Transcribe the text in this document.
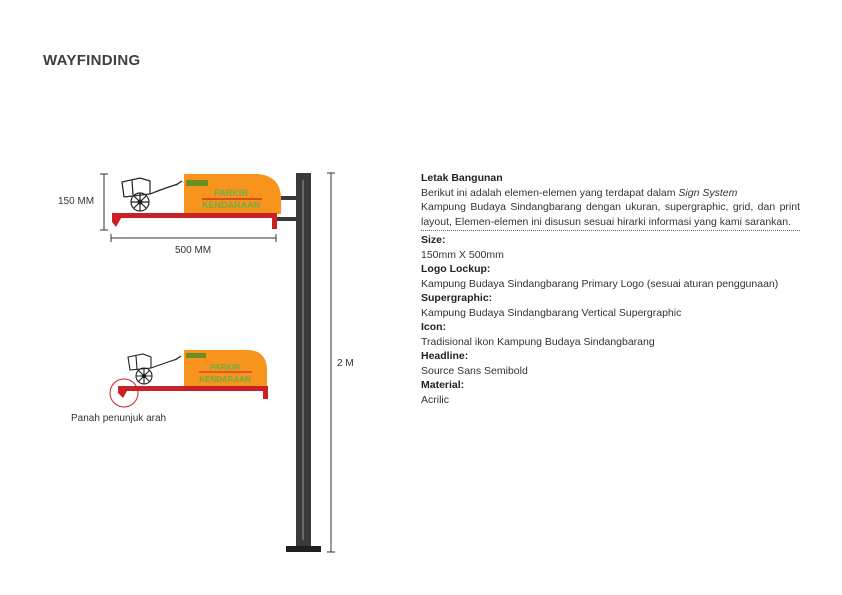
WAYFINDING
PARKIR
KENDARAAN
150 MM
500 MM
2 M
PARKIR
KENDARAAN
Panah penunjuk arah
Letak Bangunan
Berikut ini adalah elemen-elemen yang terdapat dalam Sign System
Kampung Budaya Sindangbarang dengan ukuran, supergraphic, grid, dan print layout, Elemen-elemen ini disusun sesuai hirarki informasi yang kami sarankan.
Size:
150mm X 500mm
Logo Lockup:
Kampung Budaya Sindangbarang Primary Logo (sesuai aturan penggunaan)
Supergraphic:
Kampung Budaya Sindangbarang Vertical Supergraphic
Icon:
Tradisional ikon Kampung Budaya Sindangbarang
Headline:
Source Sans Semibold
Material:
Acrilic
